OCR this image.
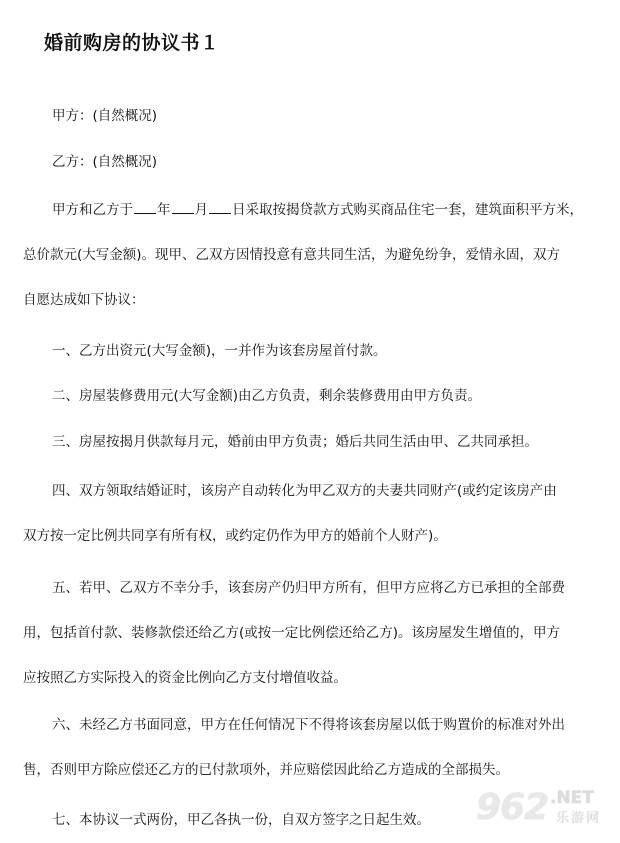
婚前购房的协议书１

甲方：(自然概况)

乙方：(自然概况)

甲方和乙方于 年 月 日采取按揭贷款方式购买商品住宅一套，建筑面积平方米，
总价款元(大写金额)。现甲、乙双方因情投意有意共同生活，为避免纷争，爱情永固，双方
自愿达成如下协议：

一、乙方出资元(大写金额)，一并作为该套房屋首付款。

二、房屋装修费用元(大写金额)由乙方负责，剩余装修费用由甲方负责。

三、房屋按揭月供款每月元，婚前由甲方负责；婚后共同生活由甲、乙共同承担。

四、双方领取结婚证时，该房产自动转化为甲乙双方的夫妻共同财产(或约定该房产由
双方按一定比例共同享有所有权，或约定仍作为甲方的婚前个人财产)。

五、若甲、乙双方不幸分手，该套房产仍归甲方所有，但甲方应将乙方已承担的全部费
用，包括首付款、装修款偿还给乙方(或按一定比例偿还给乙方)。该房屋发生增值的，甲方
应按照乙方实际投入的资金比例向乙方支付增值收益。

六、未经乙方书面同意，甲方在任何情况下不得将该套房屋以低于购置价的标准对外出
售，否则甲方除应偿还乙方的已付款项外，并应赔偿因此给乙方造成的全部损失。

七、本协议一式两份，甲乙各执一份，自双方签字之日起生效。	962 .NET
乐游网
